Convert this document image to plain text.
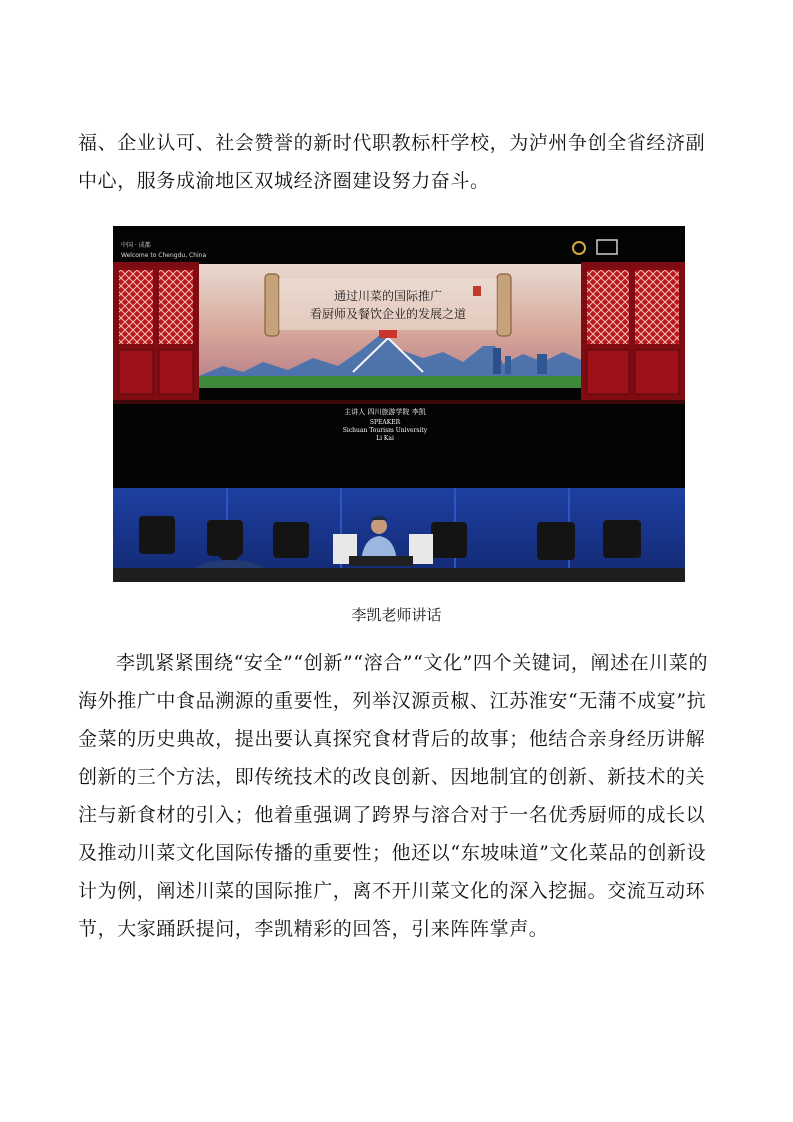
福、企业认可、社会赞誉的新时代职教标杆学校，为泸州争创全省经济副中心，服务成渝地区双城经济圈建设努力奋斗。

中国 · 成都
Welcome to Chengdu, China
通过川菜的国际推广
看厨师及餐饮企业的发展之道
主讲人 四川旅游学院 李凯
SPEAKER
Sichuan Tourism University
Li Kai
李凯老师讲话

李凯紧紧围绕“安全”“创新”“溶合”“文化”四个关键词，阐述在川菜的海外推广中食品溯源的重要性，列举汉源贡椒、江苏淮安“无蒲不成宴”抗金菜的历史典故，提出要认真探究食材背后的故事；他结合亲身经历讲解创新的三个方法，即传统技术的改良创新、因地制宜的创新、新技术的关注与新食材的引入；他着重强调了跨界与溶合对于一名优秀厨师的成长以及推动川菜文化国际传播的重要性；他还以“东坡味道”文化菜品的创新设计为例，阐述川菜的国际推广，离不开川菜文化的深入挖掘。交流互动环节，大家踊跃提问，李凯精彩的回答，引来阵阵掌声。
